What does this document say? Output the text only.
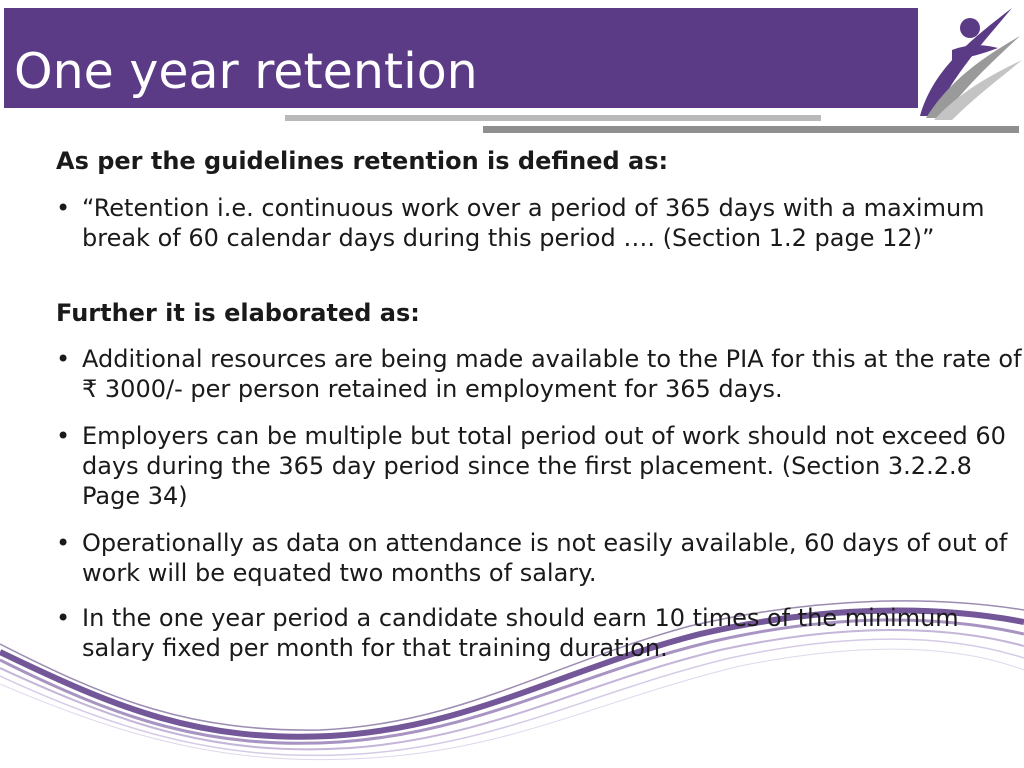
One year retention

As per the guidelines retention is defined as:

• “Retention i.e. continuous work over a period of 365 days with a maximum break of 60 calendar days during this period …. (Section 1.2 page 12)”

Further it is elaborated as:

• Additional resources are being made available to the PIA for this at the rate of ₹ 3000/- per person retained in employment for 365 days.
• Employers can be multiple but total period out of work should not exceed 60 days during the 365 day period since the first placement. (Section 3.2.2.8 Page 34)
• Operationally as data on attendance is not easily available, 60 days of out of work will be equated two months of salary.
• In the one year period a candidate should earn 10 times of the minimum salary fixed per month for that training duration.
